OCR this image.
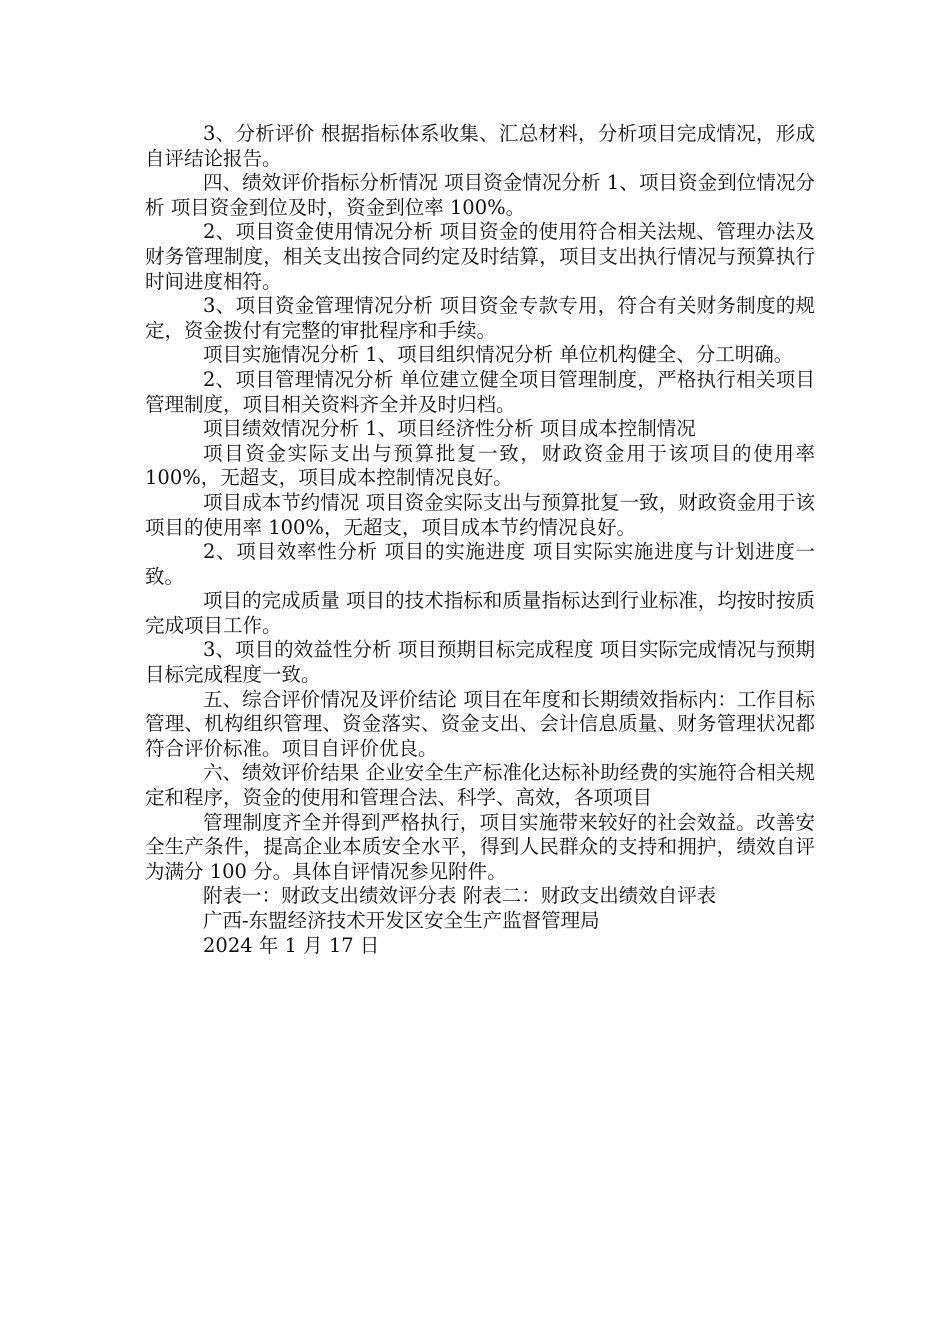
3、分析评价 根据指标体系收集、汇总材料，分析项目完成情况，形成自评结论报告。

四、绩效评价指标分析情况 项目资金情况分析 1、项目资金到位情况分析 项目资金到位及时，资金到位率 100%。

2、项目资金使用情况分析 项目资金的使用符合相关法规、管理办法及财务管理制度，相关支出按合同约定及时结算，项目支出执行情况与预算执行时间进度相符。

3、项目资金管理情况分析 项目资金专款专用，符合有关财务制度的规定，资金拨付有完整的审批程序和手续。

项目实施情况分析 1、项目组织情况分析 单位机构健全、分工明确。

2、项目管理情况分析 单位建立健全项目管理制度，严格执行相关项目管理制度，项目相关资料齐全并及时归档。

项目绩效情况分析 1、项目经济性分析 项目成本控制情况

项目资金实际支出与预算批复一致，财政资金用于该项目的使用率 100%，无超支，项目成本控制情况良好。

项目成本节约情况 项目资金实际支出与预算批复一致，财政资金用于该项目的使用率 100%，无超支，项目成本节约情况良好。

2、项目效率性分析 项目的实施进度 项目实际实施进度与计划进度一致。

项目的完成质量 项目的技术指标和质量指标达到行业标准，均按时按质完成项目工作。

3、项目的效益性分析 项目预期目标完成程度 项目实际完成情况与预期目标完成程度一致。

五、综合评价情况及评价结论 项目在年度和长期绩效指标内：工作目标管理、机构组织管理、资金落实、资金支出、会计信息质量、财务管理状况都符合评价标准。项目自评价优良。

六、绩效评价结果 企业安全生产标准化达标补助经费的实施符合相关规定和程序，资金的使用和管理合法、科学、高效，各项项目

管理制度齐全并得到严格执行，项目实施带来较好的社会效益。改善安全生产条件，提高企业本质安全水平，得到人民群众的支持和拥护，绩效自评为满分 100 分。具体自评情况参见附件。

附表一：财政支出绩效评分表 附表二：财政支出绩效自评表

广西-东盟经济技术开发区安全生产监督管理局

2024 年 1 月 17 日
